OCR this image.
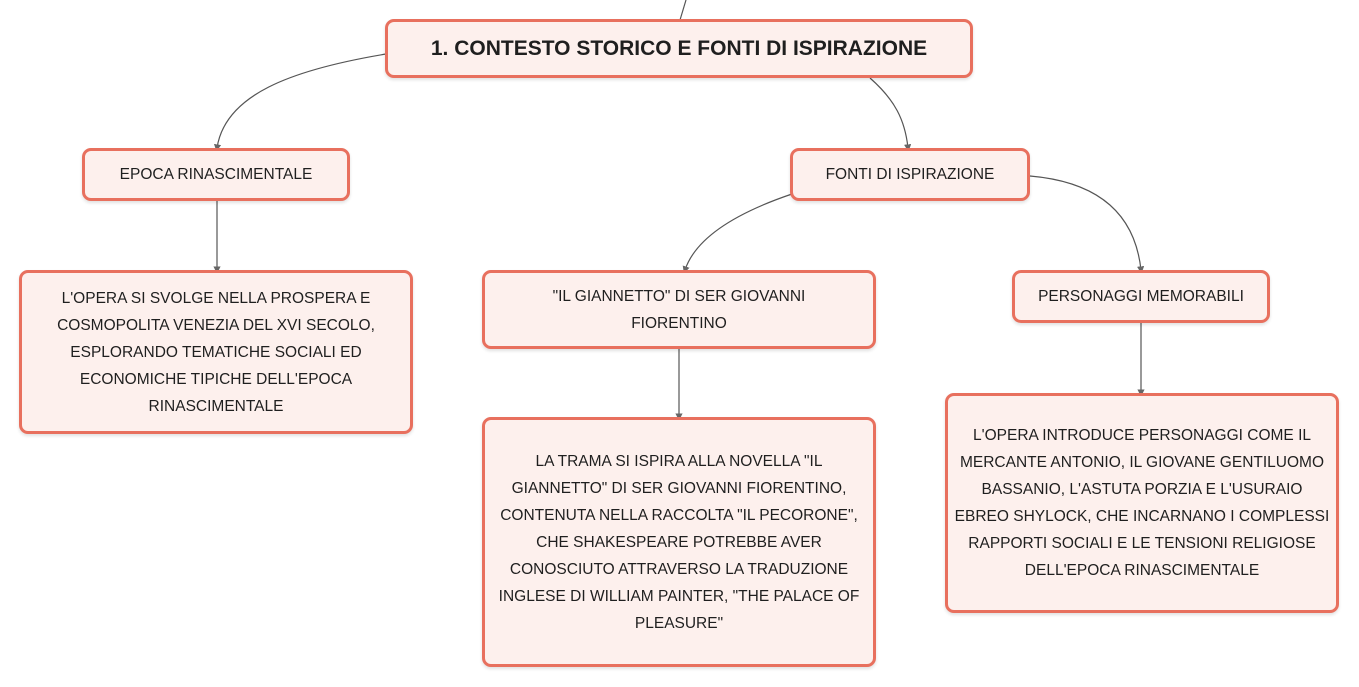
1. CONTESTO STORICO E FONTI DI ISPIRAZIONE
EPOCA RINASCIMENTALE	FONTI DI ISPIRAZIONE
L'OPERA SI SVOLGE NELLA PROSPERA E COSMOPOLITA VENEZIA DEL XVI SECOLO, ESPLORANDO TEMATICHE SOCIALI ED ECONOMICHE TIPICHE DELL'EPOCA RINASCIMENTALE
"IL GIANNETTO" DI SER GIOVANNI FIORENTINO
PERSONAGGI MEMORABILI
LA TRAMA SI ISPIRA ALLA NOVELLA "IL GIANNETTO" DI SER GIOVANNI FIORENTINO, CONTENUTA NELLA RACCOLTA "IL PECORONE", CHE SHAKESPEARE POTREBBE AVER CONOSCIUTO ATTRAVERSO LA TRADUZIONE INGLESE DI WILLIAM PAINTER, "THE PALACE OF PLEASURE"
L'OPERA INTRODUCE PERSONAGGI COME IL MERCANTE ANTONIO, IL GIOVANE GENTILUOMO BASSANIO, L'ASTUTA PORZIA E L'USURAIO EBREO SHYLOCK, CHE INCARNANO I COMPLESSI RAPPORTI SOCIALI E LE TENSIONI RELIGIOSE DELL'EPOCA RINASCIMENTALE
